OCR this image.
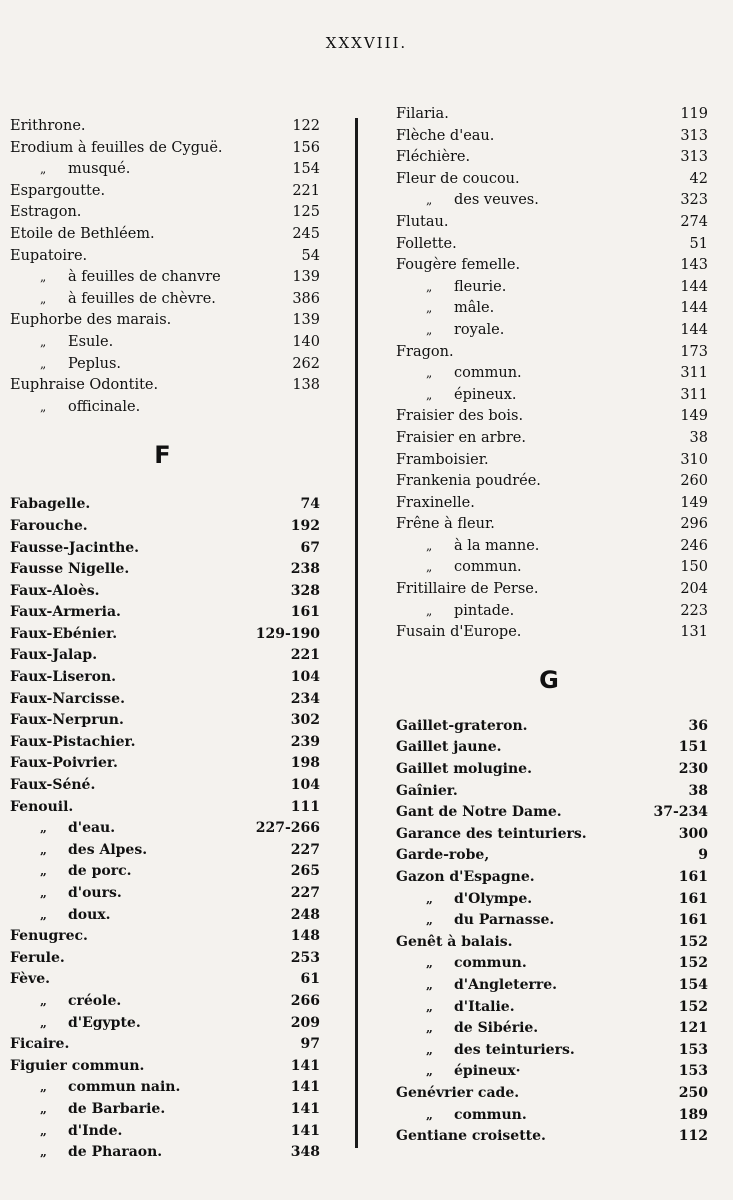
XXXVIII.
Erithrone.	122
Erodium à feuilles de Cyguë.	156
„ musqué.	154
Espargoutte.	221
Estragon.	125
Etoile de Bethléem.	245
Eupatoire.	54
„ à feuilles de chanvre	139
„ à feuilles de chèvre.	386
Euphorbe des marais.	139
„ Esule.	140
„ Peplus.	262
Euphraise Odontite.	138
„ officinale.
F
Fabagelle.	74
Farouche.	192
Fausse-Jacinthe.	67
Fausse Nigelle.	238
Faux-Aloès.	328
Faux-Armeria.	161
Faux-Ebénier.	129-190
Faux-Jalap.	221
Faux-Liseron.	104
Faux-Narcisse.	234
Faux-Nerprun.	302
Faux-Pistachier.	239
Faux-Poivrier.	198
Faux-Séné.	104
Fenouil.	111
„ d'eau.	227-266
„ des Alpes.	227
„ de porc.	265
„ d'ours.	227
„ doux.	248
Fenugrec.	148
Ferule.	253
Fève.	61
„ créole.	266
„ d'Egypte.	209
Ficaire.	97
Figuier commun.	141
„ commun nain.	141
„ de Barbarie.	141
„ d'Inde.	141
„ de Pharaon.	348
Filaria.	119
Flèche d'eau.	313
Fléchière.	313
Fleur de coucou.	42
„ des veuves.	323
Flutau.	274
Follette.	51
Fougère femelle.	143
„ fleurie.	144
„ mâle.	144
„ royale.	144
Fragon.	173
„ commun.	311
„ épineux.	311
Fraisier des bois.	149
Fraisier en arbre.	38
Framboisier.	310
Frankenia poudrée.	260
Fraxinelle.	149
Frêne à fleur.	296
„ à la manne.	246
„ commun.	150
Fritillaire de Perse.	204
„ pintade.	223
Fusain d'Europe.	131
G
Gaillet-grateron.	36
Gaillet jaune.	151
Gaillet molugine.	230
Gaînier.	38
Gant de Notre Dame.	37-234
Garance des teinturiers.	300
Garde-robe,	9
Gazon d'Espagne.	161
„ d'Olympe.	161
„ du Parnasse.	161
Genêt à balais.	152
„ commun.	152
„ d'Angleterre.	154
„ d'Italie.	152
„ de Sibérie.	121
„ des teinturiers.	153
„ épineux·	153
Genévrier cade.	250
„ commun.	189
Gentiane croisette.	112
